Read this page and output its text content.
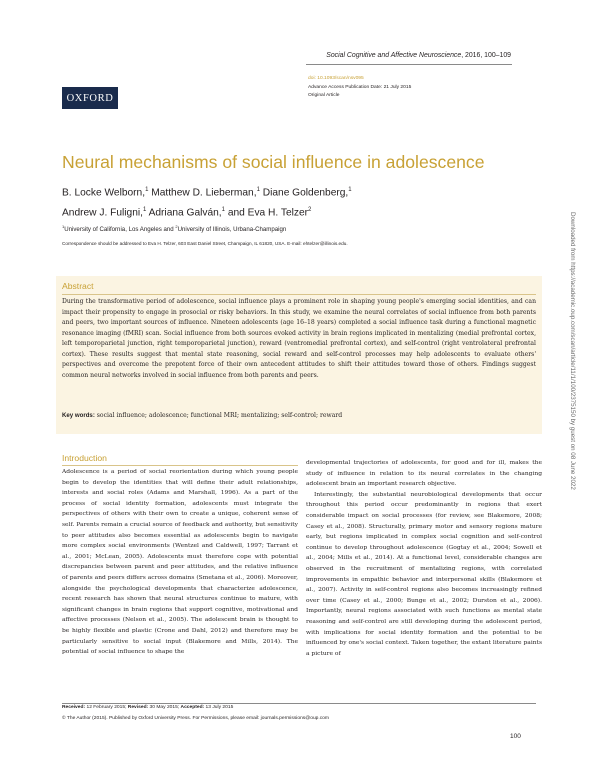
OXFORD
Social Cognitive and Affective Neuroscience, 2016, 100–109
doi: 10.1093/scan/nsv095
Advance Access Publication Date: 21 July 2015
Original Article
Neural mechanisms of social influence in adolescence
B. Locke Welborn,$^1$ Matthew D. Lieberman,$^1$ Diane Goldenberg,$^1$
Andrew J. Fuligni,$^1$ Adriana Galván,$^1$ and Eva H. Telzer$^2$
$^1$University of California, Los Angeles and $^2$University of Illinois, Urbana-Champaign
Correspondence should be addressed to Eva H. Telzer, 603 East Daniel Street, Champaign, IL 61820, USA. E-mail: ehtelzer@illinois.edu.
Abstract
During the transformative period of adolescence, social influence plays a prominent role in shaping young people's emerging social identities, and can impact their propensity to engage in prosocial or risky behaviors. In this study, we examine the neural correlates of social influence from both parents and peers, two important sources of influence. Nineteen adolescents (age 16–18 years) completed a social influence task during a functional magnetic resonance imaging (fMRI) scan. Social influence from both sources evoked activity in brain regions implicated in mentalizing (medial prefrontal cortex, left temporoparietal junction, right temporoparietal junction), reward (ventromedial prefrontal cortex), and self-control (right ventrolateral prefrontal cortex). These results suggest that mental state reasoning, social reward and self-control processes may help adolescents to evaluate others' perspectives and overcome the prepotent force of their own antecedent attitudes to shift their attitudes toward those of others. Findings suggest common neural networks involved in social influence from both parents and peers.
Key words: social influence; adolescence; functional MRI; mentalizing; self-control; reward
Introduction

Adolescence is a period of social reorientation during which young people begin to develop the identities that will define their adult relationships, interests and social roles (Adams and Marshall, 1996). As a part of the process of social identity formation, adolescents must integrate the perspectives of others with their own to create a unique, coherent sense of self. Parents remain a crucial source of feedback and authority, but sensitivity to peer attitudes also becomes essential as adolescents begin to navigate more complex social environments (Wentzel and Caldwell, 1997; Tarrant et al., 2001; McLean, 2005). Adolescents must therefore cope with potential discrepancies between parent and peer attitudes, and the relative influence of parents and peers differs across domains (Smetana et al., 2006). Moreover, alongside the psychological developments that characterize adolescence, recent research has shown that neural structures continue to mature, with significant changes in brain regions that support cognitive, motivational and affective processes (Nelson et al., 2005). The adolescent brain is thought to be highly flexible and plastic (Crone and Dahl, 2012) and therefore may be particularly sensitive to social input (Blakemore and Mills, 2014). The potential of social influence to shape the

developmental trajectories of adolescents, for good and for ill, makes the study of influence in relation to its neural correlates in the changing adolescent brain an important research objective.

Interestingly, the substantial neurobiological developments that occur throughout this period occur predominantly in regions that exert considerable impact on social processes (for review, see Blakemore, 2008; Casey et al., 2008). Structurally, primary motor and sensory regions mature early, but regions implicated in complex social cognition and self-control continue to develop throughout adolescence (Gogtay et al., 2004; Sowell et al., 2004; Mills et al., 2014). At a functional level, considerable changes are observed in the recruitment of mentalizing regions, with correlated improvements in empathic behavior and interpersonal skills (Blakemore et al., 2007). Activity in self-control regions also becomes increasingly refined over time (Casey et al., 2000; Bunge et al., 2002; Durston et al., 2006). Importantly, neural regions associated with such functions as mental state reasoning and self-control are still developing during the adolescent period, with implications for social identity formation and the potential to be influenced by one's social context. Taken together, the extant literature paints a picture of

Received: 12 February 2015; Revised: 30 May 2015; Accepted: 13 July 2015
© The Author (2015). Published by Oxford University Press. For Permissions, please email: journals.permissions@oup.com
100
Downloaded from https://academic.oup.com/scan/article/11/1/100/2375150 by guest on 08 June 2022
